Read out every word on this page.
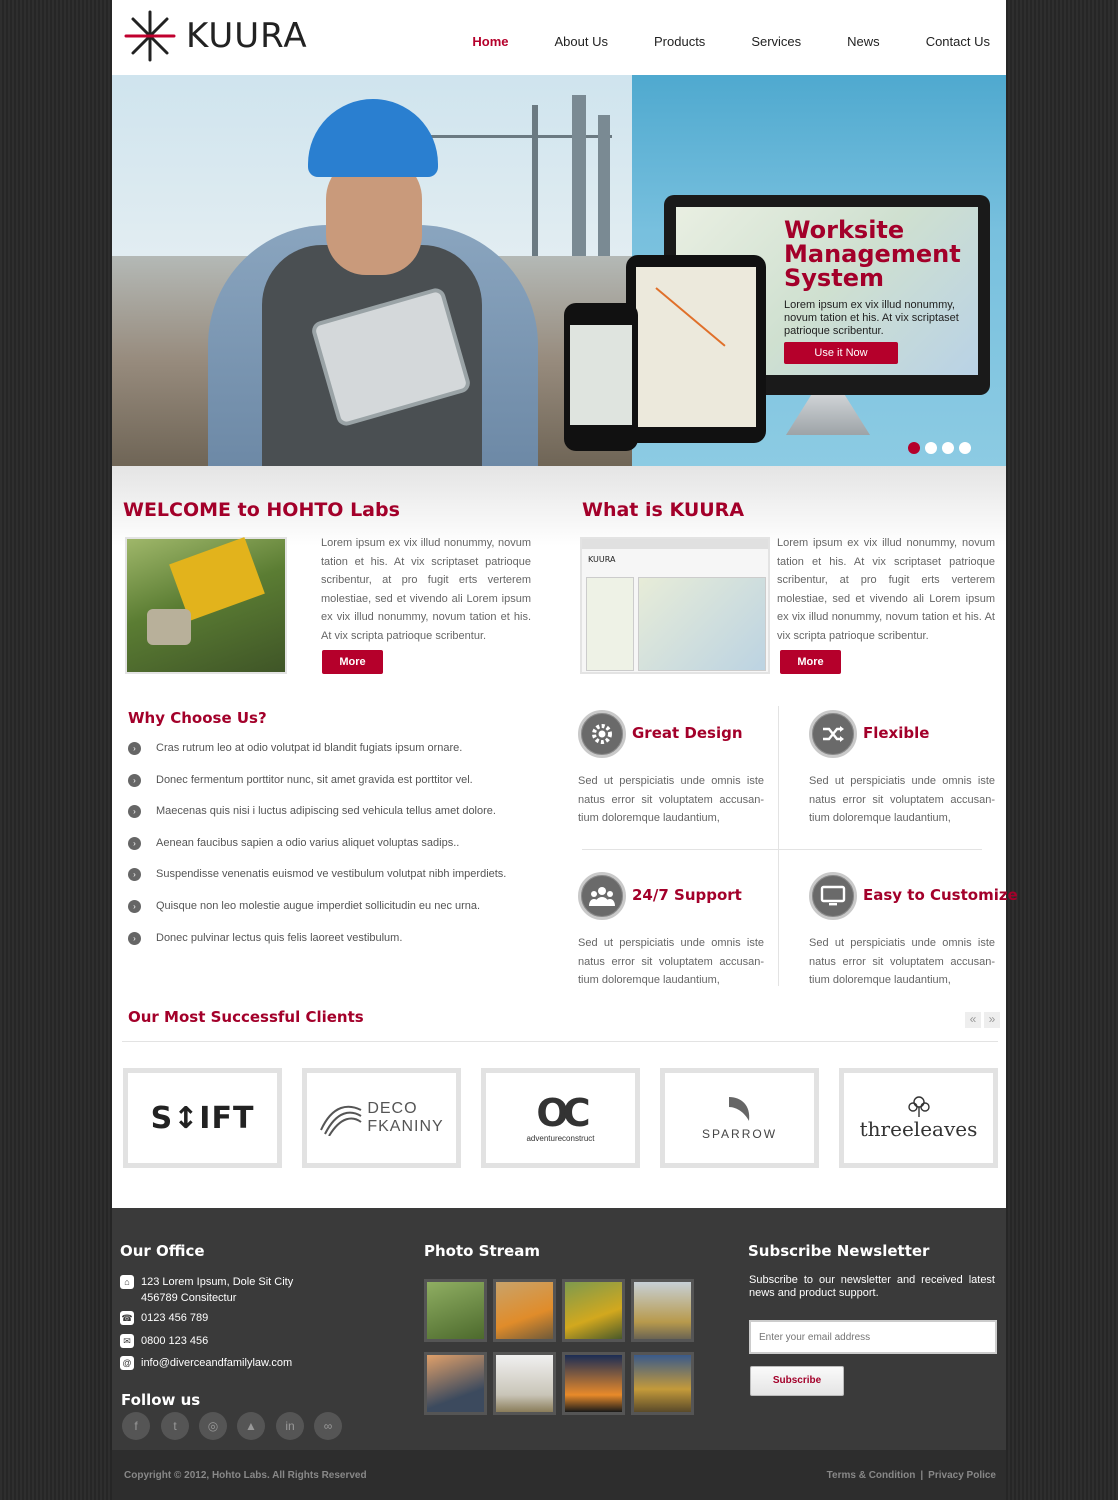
KUURA	Home	About Us	Products	Services	News	Contact Us
Worksite Management System
Lorem ipsum ex vix illud nonummy, novum tation et his. At vix scriptaset patrioque scribentur.
Use it Now
WELCOME to HOHTO Labs
Lorem ipsum ex vix illud nonummy, novum tation et his. At vix scriptaset patrioque scribentur, at pro fugit erts verterem molestiae, sed et vivendo ali Lorem ipsum ex vix illud nonummy, novum tation et his. At vix scripta patrioque scribentur.
More
What is KUURA
KUURA
Lorem ipsum ex vix illud nonummy, novum tation et his. At vix scriptaset patrioque scribentur, at pro fugit erts verterem molestiae, sed et vivendo ali Lorem ipsum ex vix illud nonummy, novum tation et his. At vix scripta patrioque scribentur.
More
Why Choose Us?
›	Cras rutrum leo at odio volutpat id blandit fugiats ipsum ornare.
›	Donec fermentum porttitor nunc, sit amet gravida est porttitor vel.
›	Maecenas quis nisi i luctus adipiscing sed vehicula tellus amet dolore.
›	Aenean faucibus sapien a odio varius aliquet voluptas sadips..
›	Suspendisse venenatis euismod ve vestibulum volutpat nibh imperdiets.
›	Quisque non leo molestie augue imperdiet sollicitudin eu nec urna.
›	Donec pulvinar lectus quis felis laoreet vestibulum.
Great Design
Sed ut perspiciatis unde omnis iste natus error sit voluptatem accusan-tium doloremque laudantium,
Flexible
Sed ut perspiciatis unde omnis iste natus error sit voluptatem accusan-tium doloremque laudantium,
24/7 Support
Sed ut perspiciatis unde omnis iste natus error sit voluptatem accusan-tium doloremque laudantium,
Easy to Customize
Sed ut perspiciatis unde omnis iste natus error sit voluptatem accusan-tium doloremque laudantium,
Our Most Successful Clients	«	»
S↕IFT	DECO
FKANINY OC
adventureconstruct	SPARROW	threeleaves
Our Office
⌂	123 Lorem Ipsum, Dole Sit City
456789 Consitectur
☎ 0123 456 789
✉ 0800 123 456
@ info@diverceandfamilylaw.com
Follow us
f	t	◎	▲	in	∞
Photo Stream	Subscribe Newsletter
Subscribe to our newsletter and received latest news and product support.
Enter your email address
Subscribe
Copyright © 2012, Hohto Labs. All Rights Reserved	Terms & Condition | Privacy Police
